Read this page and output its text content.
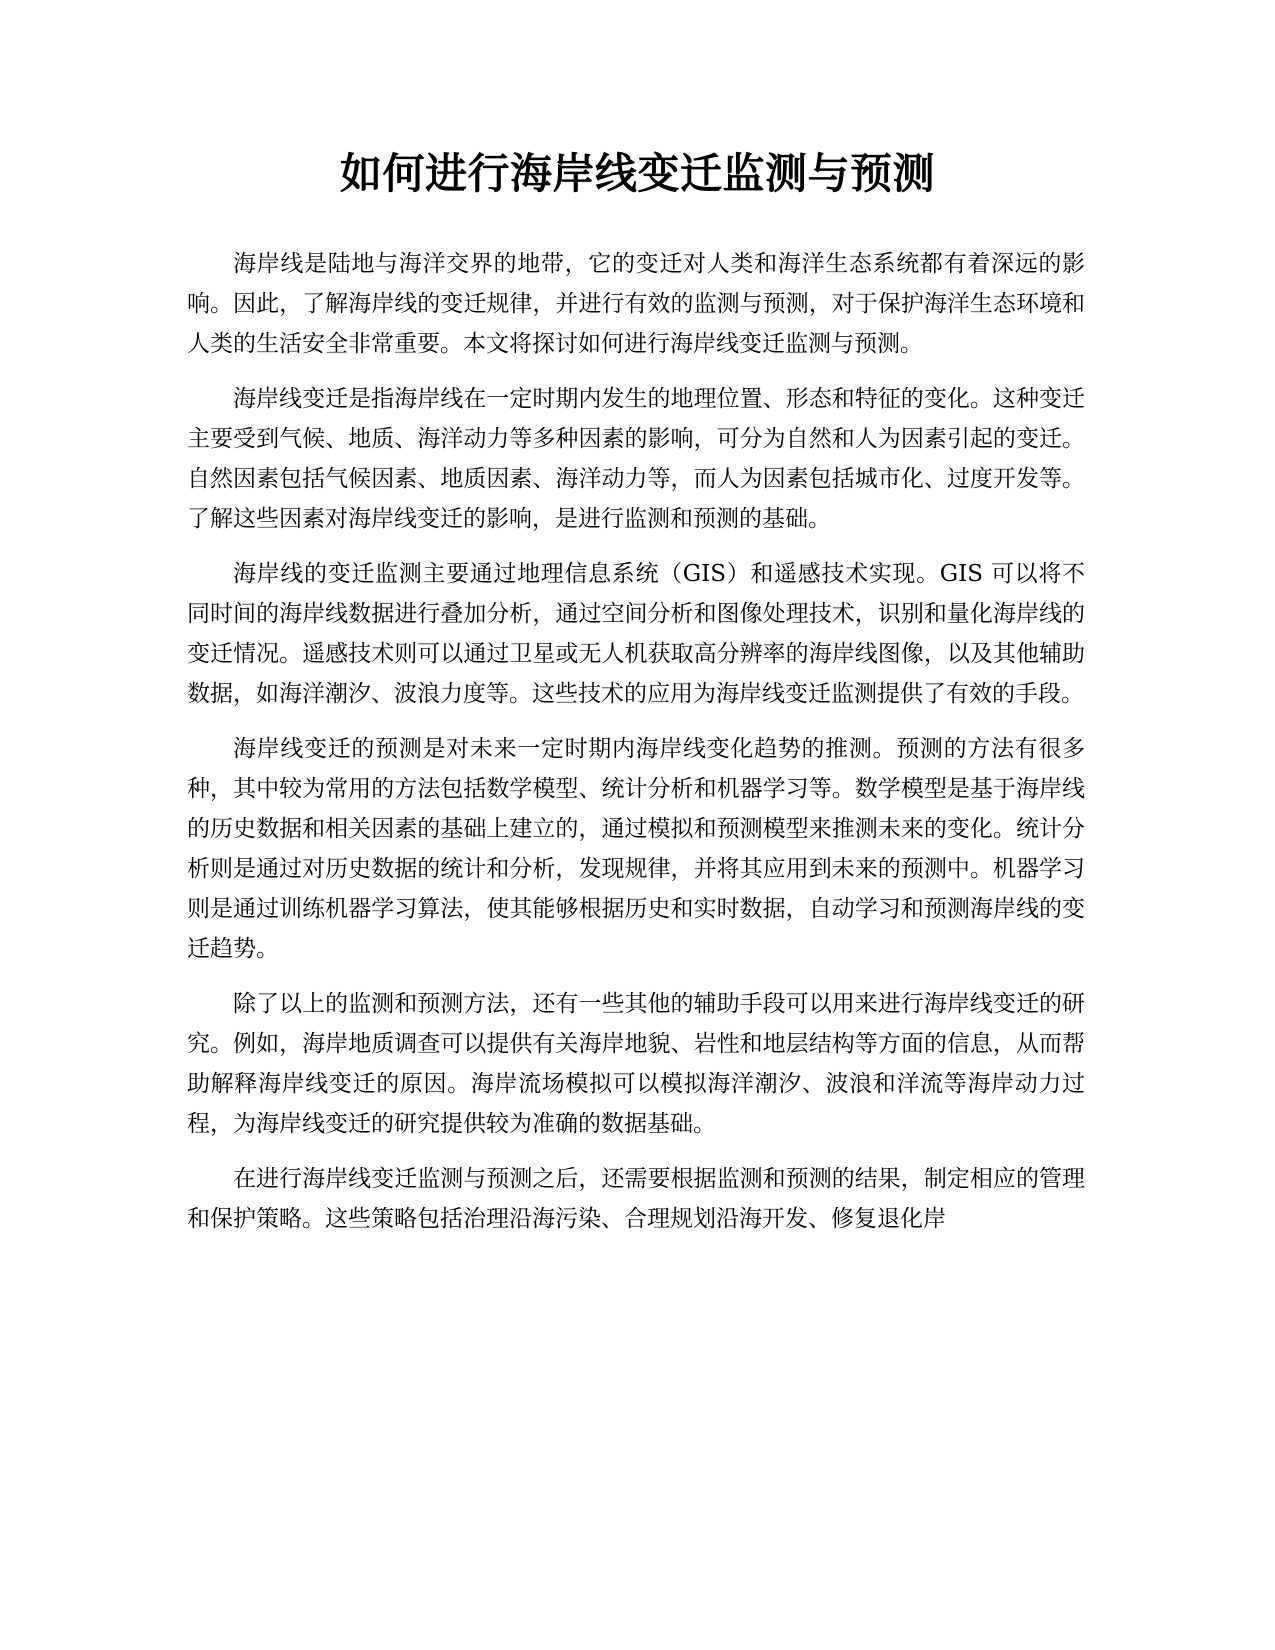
如何进行海岸线变迁监测与预测

海岸线是陆地与海洋交界的地带，它的变迁对人类和海洋生态系统都有着深远的影响。因此，了解海岸线的变迁规律，并进行有效的监测与预测，对于保护海洋生态环境和人类的生活安全非常重要。本文将探讨如何进行海岸线变迁监测与预测。

海岸线变迁是指海岸线在一定时期内发生的地理位置、形态和特征的变化。这种变迁主要受到气候、地质、海洋动力等多种因素的影响，可分为自然和人为因素引起的变迁。自然因素包括气候因素、地质因素、海洋动力等，而人为因素包括城市化、过度开发等。了解这些因素对海岸线变迁的影响，是进行监测和预测的基础。

海岸线的变迁监测主要通过地理信息系统（GIS）和遥感技术实现。GIS 可以将不同时间的海岸线数据进行叠加分析，通过空间分析和图像处理技术，识别和量化海岸线的变迁情况。遥感技术则可以通过卫星或无人机获取高分辨率的海岸线图像，以及其他辅助数据，如海洋潮汐、波浪力度等。这些技术的应用为海岸线变迁监测提供了有效的手段。

海岸线变迁的预测是对未来一定时期内海岸线变化趋势的推测。预测的方法有很多种，其中较为常用的方法包括数学模型、统计分析和机器学习等。数学模型是基于海岸线的历史数据和相关因素的基础上建立的，通过模拟和预测模型来推测未来的变化。统计分析则是通过对历史数据的统计和分析，发现规律，并将其应用到未来的预测中。机器学习则是通过训练机器学习算法，使其能够根据历史和实时数据，自动学习和预测海岸线的变迁趋势。

除了以上的监测和预测方法，还有一些其他的辅助手段可以用来进行海岸线变迁的研究。例如，海岸地质调查可以提供有关海岸地貌、岩性和地层结构等方面的信息，从而帮助解释海岸线变迁的原因。海岸流场模拟可以模拟海洋潮汐、波浪和洋流等海岸动力过程，为海岸线变迁的研究提供较为准确的数据基础。

在进行海岸线变迁监测与预测之后，还需要根据监测和预测的结果，制定相应的管理和保护策略。这些策略包括治理沿海污染、合理规划沿海开发、修复退化岸
